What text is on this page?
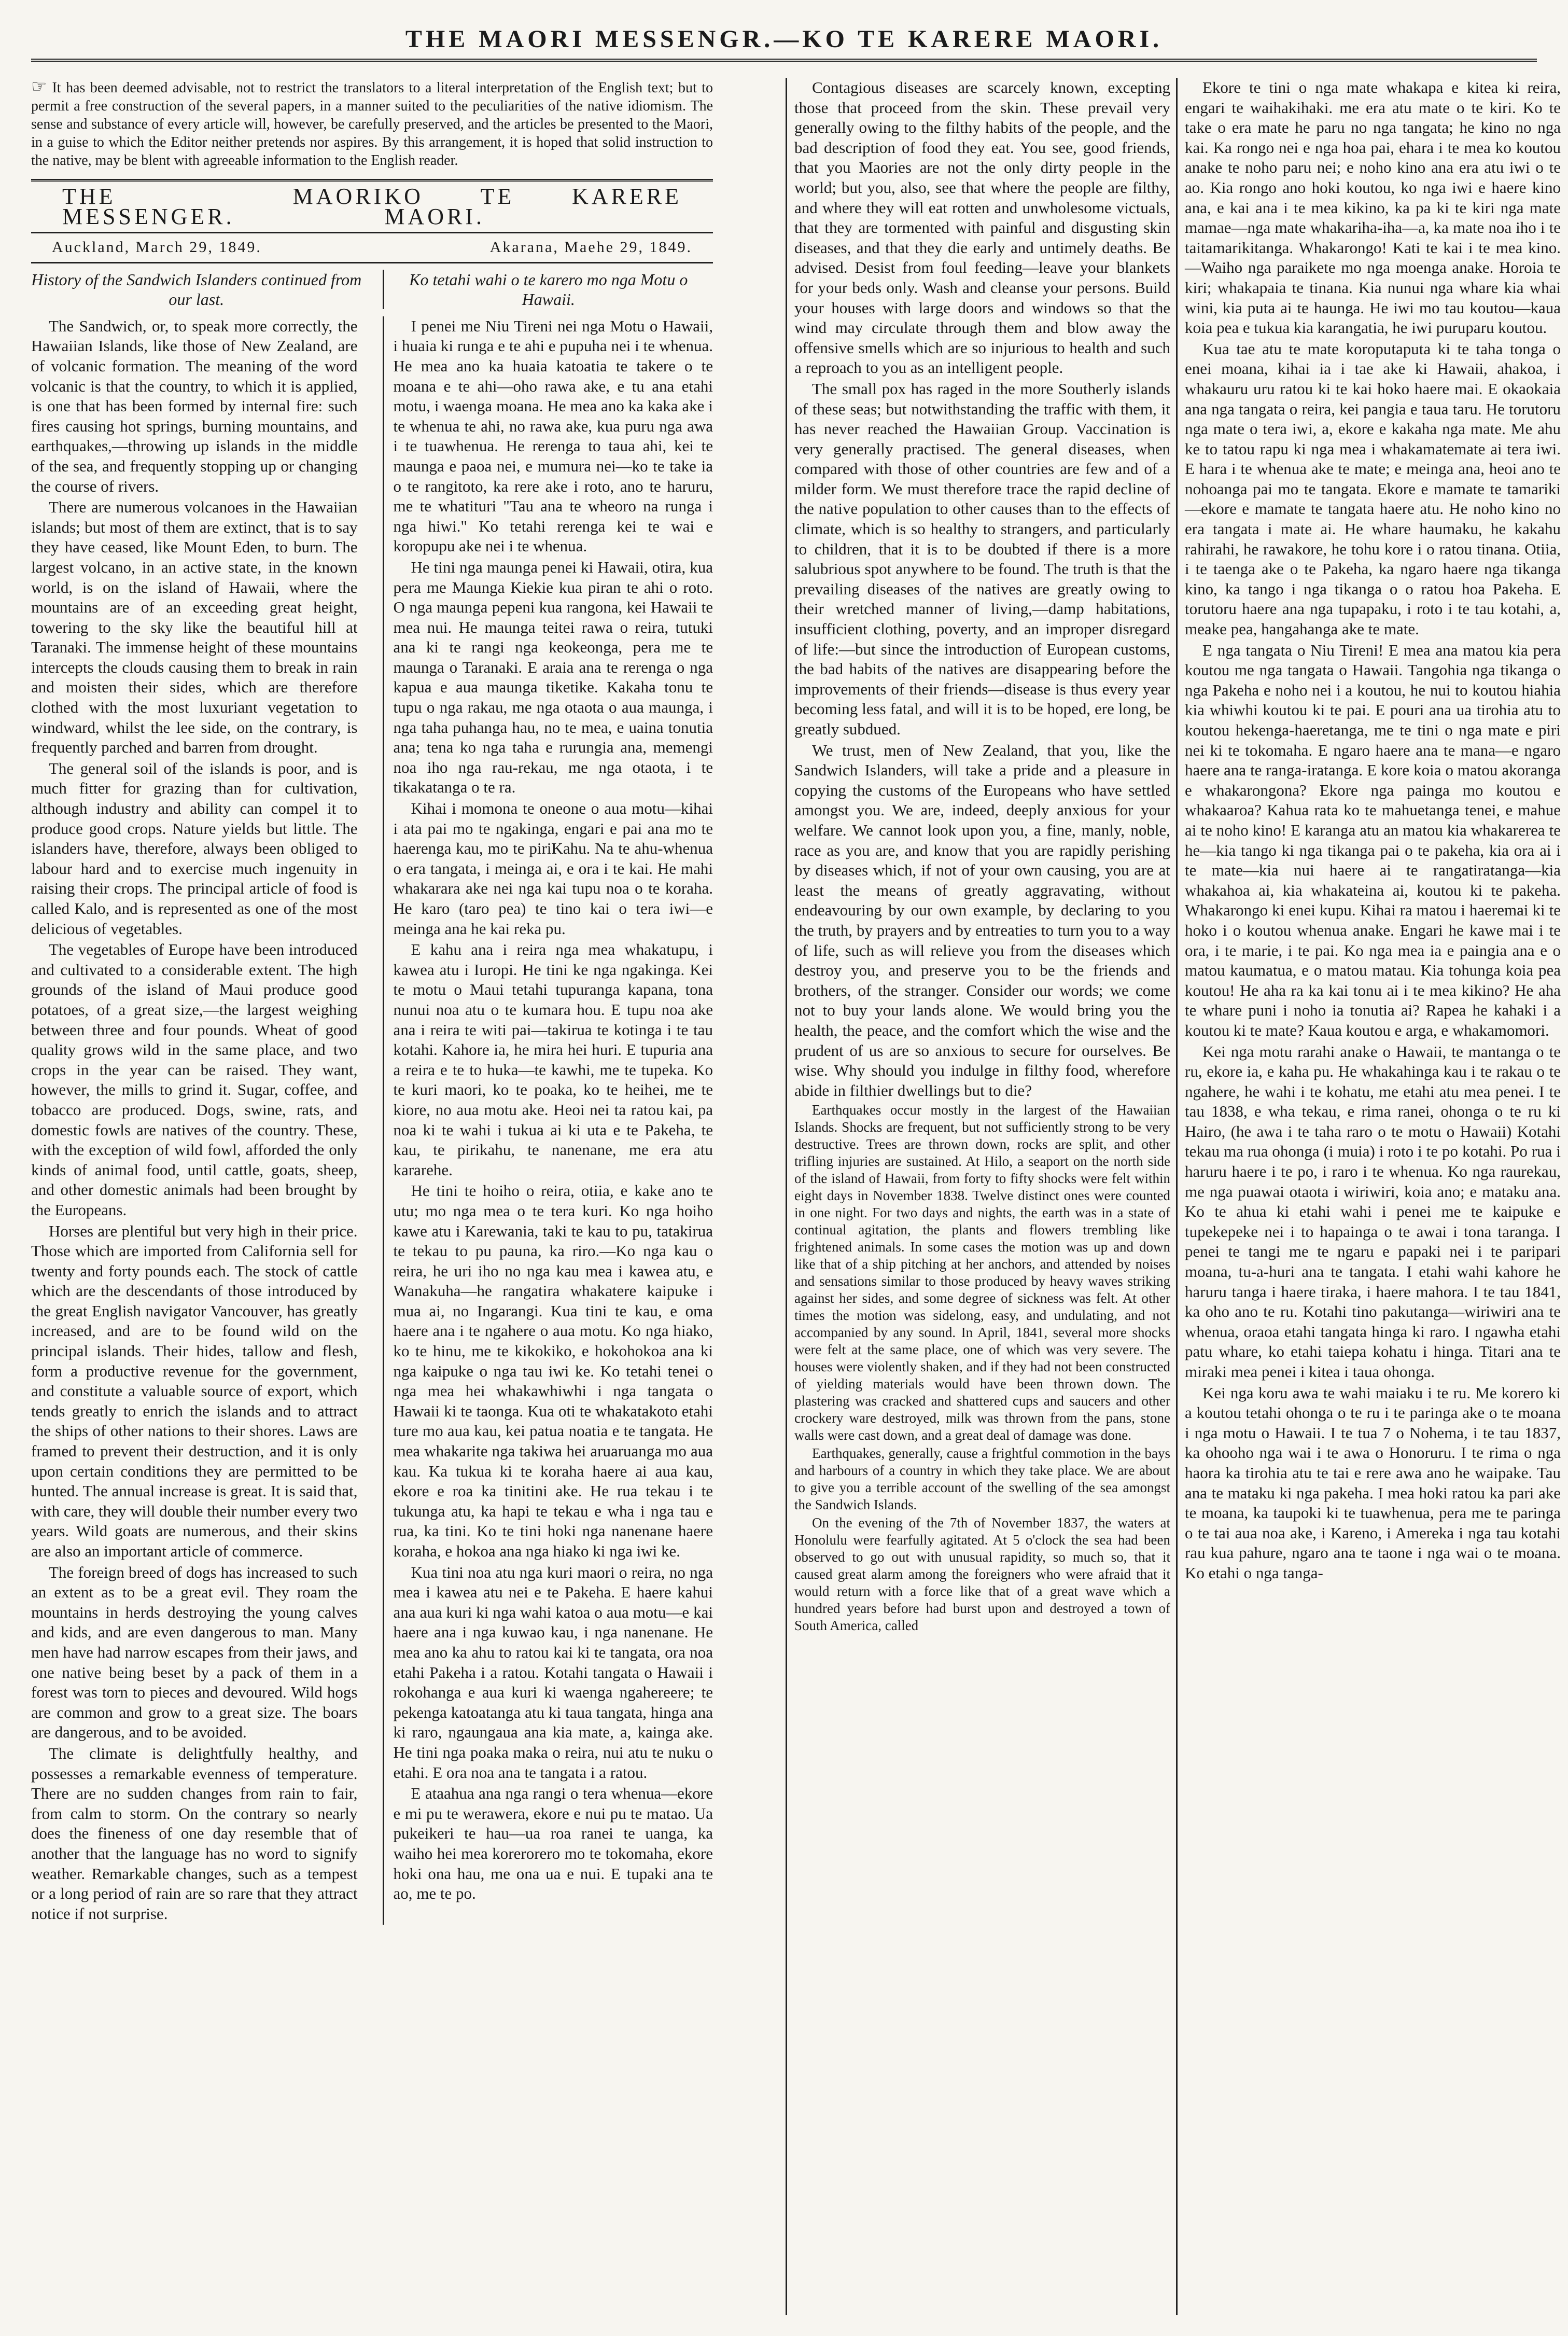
THE MAORI MESSENGR.—KO TE KARERE MAORI.
☞ It has been deemed advisable, not to restrict the translators to a literal interpretation of the English text; but to permit a free construction of the several papers, in a manner suited to the peculiarities of the native idiomism. The sense and substance of every article will, however, be carefully preserved, and the articles be presented to the Maori, in a guise to which the Editor neither pretends nor aspires. By this arrangement, it is hoped that solid instruction to the native, may be blent with agreeable information to the English reader.
THE MAORI MESSENGER.
KO TE KARERE MAORI.
Auckland, March 29, 1849.	Akarana, Maehe 29, 1849.
History of the Sandwich Islanders continued from our last.
Ko tetahi wahi o te karero mo nga Motu o Hawaii.

The Sandwich, or, to speak more correctly, the Hawaiian Islands, like those of New Zealand, are of volcanic formation. The meaning of the word volcanic is that the country, to which it is applied, is one that has been formed by internal fire: such fires causing hot springs, burning mountains, and earthquakes,—throwing up islands in the middle of the sea, and frequently stopping up or changing the course of rivers.

There are numerous volcanoes in the Hawaiian islands; but most of them are extinct, that is to say they have ceased, like Mount Eden, to burn. The largest volcano, in an active state, in the known world, is on the island of Hawaii, where the mountains are of an exceeding great height, towering to the sky like the beautiful hill at Taranaki. The immense height of these mountains intercepts the clouds causing them to break in rain and moisten their sides, which are therefore clothed with the most luxuriant vegetation to windward, whilst the lee side, on the contrary, is frequently parched and barren from drought.

The general soil of the islands is poor, and is much fitter for grazing than for cultivation, although industry and ability can compel it to produce good crops. Nature yields but little. The islanders have, therefore, always been obliged to labour hard and to exercise much ingenuity in raising their crops. The principal article of food is called Kalo, and is represented as one of the most delicious of vegetables.

The vegetables of Europe have been introduced and cultivated to a considerable extent. The high grounds of the island of Maui produce good potatoes, of a great size,—the largest weighing between three and four pounds. Wheat of good quality grows wild in the same place, and two crops in the year can be raised. They want, however, the mills to grind it. Sugar, coffee, and tobacco are produced. Dogs, swine, rats, and domestic fowls are natives of the country. These, with the exception of wild fowl, afforded the only kinds of animal food, until cattle, goats, sheep, and other domestic animals had been brought by the Europeans.

Horses are plentiful but very high in their price. Those which are imported from California sell for twenty and forty pounds each. The stock of cattle which are the descendants of those introduced by the great English navigator Vancouver, has greatly increased, and are to be found wild on the principal islands. Their hides, tallow and flesh, form a productive revenue for the government, and constitute a valuable source of export, which tends greatly to enrich the islands and to attract the ships of other nations to their shores. Laws are framed to prevent their destruction, and it is only upon certain conditions they are permitted to be hunted. The annual increase is great. It is said that, with care, they will double their number every two years. Wild goats are numerous, and their skins are also an important article of commerce.

The foreign breed of dogs has increased to such an extent as to be a great evil. They roam the mountains in herds destroying the young calves and kids, and are even dangerous to man. Many men have had narrow escapes from their jaws, and one native being beset by a pack of them in a forest was torn to pieces and devoured. Wild hogs are common and grow to a great size. The boars are dangerous, and to be avoided.

The climate is delightfully healthy, and possesses a remarkable evenness of temperature. There are no sudden changes from rain to fair, from calm to storm. On the contrary so nearly does the fineness of one day resemble that of another that the language has no word to signify weather. Remarkable changes, such as a tempest or a long period of rain are so rare that they attract notice if not surprise.

I penei me Niu Tireni nei nga Motu o Hawaii, i huaia ki runga e te ahi e pupuha nei i te whenua. He mea ano ka huaia katoatia te takere o te moana e te ahi—oho rawa ake, e tu ana etahi motu, i waenga moana. He mea ano ka kaka ake i te whenua te ahi, no rawa ake, kua puru nga awa i te tuawhenua. He rerenga to taua ahi, kei te maunga e paoa nei, e mumura nei—ko te take ia o te rangitoto, ka rere ake i roto, ano te haruru, me te whatituri "Tau ana te wheoro na runga i nga hiwi." Ko tetahi rerenga kei te wai e koropupu ake nei i te whenua.

He tini nga maunga penei ki Hawaii, otira, kua pera me Maunga Kiekie kua piran te ahi o roto. O nga maunga pepeni kua rangona, kei Hawaii te mea nui. He maunga teitei rawa o reira, tutuki ana ki te rangi nga keokeonga, pera me te maunga o Taranaki. E araia ana te rerenga o nga kapua e aua maunga tiketike. Kakaha tonu te tupu o nga rakau, me nga otaota o aua maunga, i nga taha puhanga hau, no te mea, e uaina tonutia ana; tena ko nga taha e rurungia ana, memengi noa iho nga rau-rekau, me nga otaota, i te tikakatanga o te ra.

Kihai i momona te oneone o aua motu—kihai i ata pai mo te ngakinga, engari e pai ana mo te haerenga kau, mo te piriKahu. Na te ahu-whenua o era tangata, i meinga ai, e ora i te kai. He mahi whakarara ake nei nga kai tupu noa o te koraha. He karo (taro pea) te tino kai o tera iwi—e meinga ana he kai reka pu.

E kahu ana i reira nga mea whakatupu, i kawea atu i Iuropi. He tini ke nga ngakinga. Kei te motu o Maui tetahi tupuranga kapana, tona nunui noa atu o te kumara hou. E tupu noa ake ana i reira te witi pai—takirua te kotinga i te tau kotahi. Kahore ia, he mira hei huri. E tupuria ana a reira e te to huka—te kawhi, me te tupeka. Ko te kuri maori, ko te poaka, ko te heihei, me te kiore, no aua motu ake. Heoi nei ta ratou kai, pa noa ki te wahi i tukua ai ki uta e te Pakeha, te kau, te pirikahu, te nanenane, me era atu kararehe.

He tini te hoiho o reira, otiia, e kake ano te utu; mo nga mea o te tera kuri. Ko nga hoiho kawe atu i Karewania, taki te kau to pu, tatakirua te tekau to pu pauna, ka riro.—Ko nga kau o reira, he uri iho no nga kau mea i kawea atu, e Wanakuha—he rangatira whakatere kaipuke i mua ai, no Ingarangi. Kua tini te kau, e oma haere ana i te ngahere o aua motu. Ko nga hiako, ko te hinu, me te kikokiko, e hokohokoa ana ki nga kaipuke o nga tau iwi ke. Ko tetahi tenei o nga mea hei whakawhiwhi i nga tangata o Hawaii ki te taonga. Kua oti te whakatakoto etahi ture mo aua kau, kei patua noatia e te tangata. He mea whakarite nga takiwa hei aruaruanga mo aua kau. Ka tukua ki te koraha haere ai aua kau, ekore e roa ka tinitini ake. He rua tekau i te tukunga atu, ka hapi te tekau e wha i nga tau e rua, ka tini. Ko te tini hoki nga nanenane haere koraha, e hokoa ana nga hiako ki nga iwi ke.

Kua tini noa atu nga kuri maori o reira, no nga mea i kawea atu nei e te Pakeha. E haere kahui ana aua kuri ki nga wahi katoa o aua motu—e kai haere ana i nga kuwao kau, i nga nanenane. He mea ano ka ahu to ratou kai ki te tangata, ora noa etahi Pakeha i a ratou. Kotahi tangata o Hawaii i rokohanga e aua kuri ki waenga ngahereere; te pekenga katoatanga atu ki taua tangata, hinga ana ki raro, ngaungaua ana kia mate, a, kainga ake. He tini nga poaka maka o reira, nui atu te nuku o etahi. E ora noa ana te tangata i a ratou.

E ataahua ana nga rangi o tera whenua—ekore e mi pu te werawera, ekore e nui pu te matao. Ua pukeikeri te hau—ua roa ranei te uanga, ka waiho hei mea korerorero mo te tokomaha, ekore hoki ona hau, me ona ua e nui. E tupaki ana te ao, me te po.

Contagious diseases are scarcely known, excepting those that proceed from the skin. These prevail very generally owing to the filthy habits of the people, and the bad description of food they eat. You see, good friends, that you Maories are not the only dirty people in the world; but you, also, see that where the people are filthy, and where they will eat rotten and unwholesome victuals, that they are tormented with painful and disgusting skin diseases, and that they die early and untimely deaths. Be advised. Desist from foul feeding—leave your blankets for your beds only. Wash and cleanse your persons. Build your houses with large doors and windows so that the wind may circulate through them and blow away the offensive smells which are so injurious to health and such a reproach to you as an intelligent people.

The small pox has raged in the more Southerly islands of these seas; but notwithstanding the traffic with them, it has never reached the Hawaiian Group. Vaccination is very generally practised. The general diseases, when compared with those of other countries are few and of a milder form. We must therefore trace the rapid decline of the native population to other causes than to the effects of climate, which is so healthy to strangers, and particularly to children, that it is to be doubted if there is a more salubrious spot anywhere to be found. The truth is that the prevailing diseases of the natives are greatly owing to their wretched manner of living,—damp habitations, insufficient clothing, poverty, and an improper disregard of life:—but since the introduction of European customs, the bad habits of the natives are disappearing before the improvements of their friends—disease is thus every year becoming less fatal, and will it is to be hoped, ere long, be greatly subdued.

We trust, men of New Zealand, that you, like the Sandwich Islanders, will take a pride and a pleasure in copying the customs of the Europeans who have settled amongst you. We are, indeed, deeply anxious for your welfare. We cannot look upon you, a fine, manly, noble, race as you are, and know that you are rapidly perishing by diseases which, if not of your own causing, you are at least the means of greatly aggravating, without endeavouring by our own example, by declaring to you the truth, by prayers and by entreaties to turn you to a way of life, such as will relieve you from the diseases which destroy you, and preserve you to be the friends and brothers, of the stranger. Consider our words; we come not to buy your lands alone. We would bring you the health, the peace, and the comfort which the wise and the prudent of us are so anxious to secure for ourselves. Be wise. Why should you indulge in filthy food, wherefore abide in filthier dwellings but to die?

Earthquakes occur mostly in the largest of the Hawaiian Islands. Shocks are frequent, but not sufficiently strong to be very destructive. Trees are thrown down, rocks are split, and other trifling injuries are sustained. At Hilo, a seaport on the north side of the island of Hawaii, from forty to fifty shocks were felt within eight days in November 1838. Twelve distinct ones were counted in one night. For two days and nights, the earth was in a state of continual agitation, the plants and flowers trembling like frightened animals. In some cases the motion was up and down like that of a ship pitching at her anchors, and attended by noises and sensations similar to those produced by heavy waves striking against her sides, and some degree of sickness was felt. At other times the motion was sidelong, easy, and undulating, and not accompanied by any sound. In April, 1841, several more shocks were felt at the same place, one of which was very severe. The houses were violently shaken, and if they had not been constructed of yielding materials would have been thrown down. The plastering was cracked and shattered cups and saucers and other crockery ware destroyed, milk was thrown from the pans, stone walls were cast down, and a great deal of damage was done.

Earthquakes, generally, cause a frightful commotion in the bays and harbours of a country in which they take place. We are about to give you a terrible account of the swelling of the sea amongst the Sandwich Islands.

On the evening of the 7th of November 1837, the waters at Honolulu were fearfully agitated. At 5 o'clock the sea had been observed to go out with unusual rapidity, so much so, that it caused great alarm among the foreigners who were afraid that it would return with a force like that of a great wave which a hundred years before had burst upon and destroyed a town of South America, called

Ekore te tini o nga mate whakapa e kitea ki reira, engari te waihakihaki. me era atu mate o te kiri. Ko te take o era mate he paru no nga tangata; he kino no nga kai. Ka rongo nei e nga hoa pai, ehara i te mea ko koutou anake te noho paru nei; e noho kino ana era atu iwi o te ao. Kia rongo ano hoki koutou, ko nga iwi e haere kino ana, e kai ana i te mea kikino, ka pa ki te kiri nga mate mamae—nga mate whakariha-iha—a, ka mate noa iho i te taitamarikitanga. Whakarongo! Kati te kai i te mea kino.—Waiho nga paraikete mo nga moenga anake. Horoia te kiri; whakapaia te tinana. Kia nunui nga whare kia whai wini, kia puta ai te haunga. He iwi mo tau koutou—kaua koia pea e tukua kia karangatia, he iwi puruparu koutou.

Kua tae atu te mate koroputaputa ki te taha tonga o enei moana, kihai ia i tae ake ki Hawaii, ahakoa, i whakauru uru ratou ki te kai hoko haere mai. E okaokaia ana nga tangata o reira, kei pangia e taua taru. He torutoru nga mate o tera iwi, a, ekore e kakaha nga mate. Me ahu ke to tatou rapu ki nga mea i whakamatemate ai tera iwi. E hara i te whenua ake te mate; e meinga ana, heoi ano te nohoanga pai mo te tangata. Ekore e mamate te tamariki—ekore e mamate te tangata haere atu. He noho kino no era tangata i mate ai. He whare haumaku, he kakahu rahirahi, he rawakore, he tohu kore i o ratou tinana. Otiia, i te taenga ake o te Pakeha, ka ngaro haere nga tikanga kino, ka tango i nga tikanga o o ratou hoa Pakeha. E torutoru haere ana nga tupapaku, i roto i te tau kotahi, a, meake pea, hangahanga ake te mate.

E nga tangata o Niu Tireni! E mea ana matou kia pera koutou me nga tangata o Hawaii. Tangohia nga tikanga o nga Pakeha e noho nei i a koutou, he nui to koutou hiahia kia whiwhi koutou ki te pai. E pouri ana ua tirohia atu to koutou hekenga-haeretanga, me te tini o nga mate e piri nei ki te tokomaha. E ngaro haere ana te mana—e ngaro haere ana te ranga-iratanga. E kore koia o matou akoranga e whakarongona? Ekore nga painga mo koutou e whakaaroa? Kahua rata ko te mahuetanga tenei, e mahue ai te noho kino! E karanga atu an matou kia whakarerea te he—kia tango ki nga tikanga pai o te pakeha, kia ora ai i te mate—kia nui haere ai te rangatiratanga—kia whakahoa ai, kia whakateina ai, koutou ki te pakeha. Whakarongo ki enei kupu. Kihai ra matou i haeremai ki te hoko i o koutou whenua anake. Engari he kawe mai i te ora, i te marie, i te pai. Ko nga mea ia e paingia ana e o matou kaumatua, e o matou matau. Kia tohunga koia pea koutou! He aha ra ka kai tonu ai i te mea kikino? He aha te whare puni i noho ia tonutia ai? Rapea he kahaki i a koutou ki te mate? Kaua koutou e arga, e whakamomori.

Kei nga motu rarahi anake o Hawaii, te mantanga o te ru, ekore ia, e kaha pu. He whakahinga kau i te rakau o te ngahere, he wahi i te kohatu, me etahi atu mea penei. I te tau 1838, e wha tekau, e rima ranei, ohonga o te ru ki Hairo, (he awa i te taha raro o te motu o Hawaii) Kotahi tekau ma rua ohonga (i muia) i roto i te po kotahi. Po rua i haruru haere i te po, i raro i te whenua. Ko nga raurekau, me nga puawai otaota i wiriwiri, koia ano; e mataku ana. Ko te ahua ki etahi wahi i penei me te kaipuke e tupekepeke nei i to hapainga o te awai i tona taranga. I penei te tangi me te ngaru e papaki nei i te paripari moana, tu-a-huri ana te tangata. I etahi wahi kahore he haruru tanga i haere tiraka, i haere mahora. I te tau 1841, ka oho ano te ru. Kotahi tino pakutanga—wiriwiri ana te whenua, oraoa etahi tangata hinga ki raro. I ngawha etahi patu whare, ko etahi taiepa kohatu i hinga. Titari ana te miraki mea penei i kitea i taua ohonga.

Kei nga koru awa te wahi maiaku i te ru. Me korero ki a koutou tetahi ohonga o te ru i te paringa ake o te moana i nga motu o Hawaii. I te tua 7 o Nohema, i te tau 1837, ka ohooho nga wai i te awa o Honoruru. I te rima o nga haora ka tirohia atu te tai e rere awa ano he waipake. Tau ana te mataku ki nga pakeha. I mea hoki ratou ka pari ake te moana, ka taupoki ki te tuawhenua, pera me te paringa o te tai aua noa ake, i Kareno, i Amereka i nga tau kotahi rau kua pahure, ngaro ana te taone i nga wai o te moana. Ko etahi o nga tanga-
